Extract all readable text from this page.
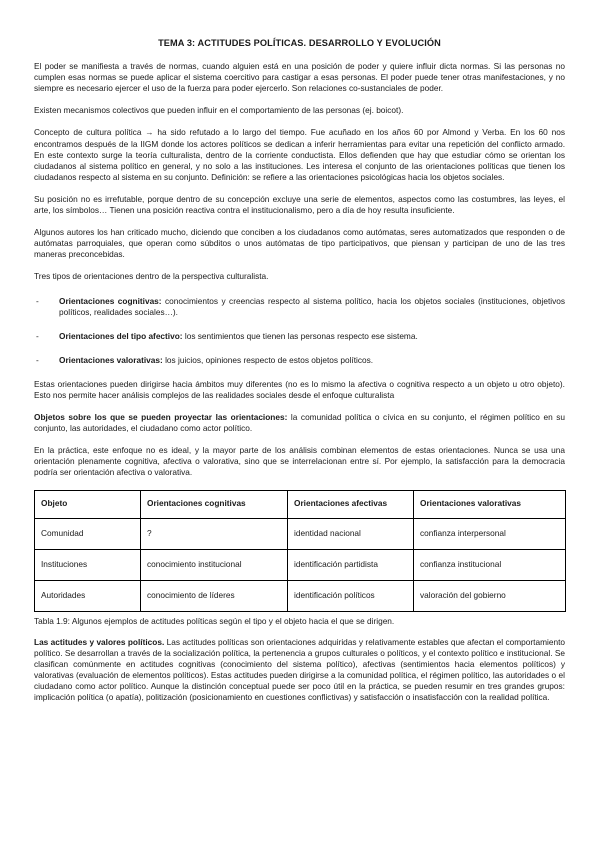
TEMA 3: ACTITUDES POLÍTICAS. DESARROLLO Y EVOLUCIÓN

El poder se manifiesta a través de normas, cuando alguien está en una posición de poder y quiere influir dicta normas. Si las personas no cumplen esas normas se puede aplicar el sistema coercitivo para castigar a esas personas. El poder puede tener otras manifestaciones, y no siempre es necesario ejercer el uso de la fuerza para poder ejercerlo. Son relaciones co-sustanciales de poder.

Existen mecanismos colectivos que pueden influir en el comportamiento de las personas (ej. boicot).

Concepto de cultura política → ha sido refutado a lo largo del tiempo. Fue acuñado en los años 60 por Almond y Verba. En los 60 nos encontramos después de la IIGM donde los actores políticos se dedican a inferir herramientas para evitar una repetición del conflicto armado. En este contexto surge la teoría culturalista, dentro de la corriente conductista. Ellos defienden que hay que estudiar cómo se orientan los ciudadanos al sistema político en general, y no solo a las instituciones. Les interesa el conjunto de las orientaciones políticas que tienen los ciudadanos respecto al sistema en su conjunto. Definición: se refiere a las orientaciones psicológicas hacia los objetos sociales.

Su posición no es irrefutable, porque dentro de su concepción excluye una serie de elementos, aspectos como las costumbres, las leyes, el arte, los símbolos… Tienen una posición reactiva contra el institucionalismo, pero a día de hoy resulta insuficiente.

Algunos autores los han criticado mucho, diciendo que conciben a los ciudadanos como autómatas, seres automatizados que responden o de autómatas parroquiales, que operan como súbditos o unos autómatas de tipo participativos, que piensan y participan de uno de las tres maneras preconcebidas.

Tres tipos de orientaciones dentro de la perspectiva culturalista.

- Orientaciones cognitivas: conocimientos y creencias respecto al sistema político, hacia los objetos sociales (instituciones, objetivos políticos, realidades sociales…).
- Orientaciones del tipo afectivo: los sentimientos que tienen las personas respecto ese sistema.
- Orientaciones valorativas: los juicios, opiniones respecto de estos objetos políticos.

Estas orientaciones pueden dirigirse hacia ámbitos muy diferentes (no es lo mismo la afectiva o cognitiva respecto a un objeto u otro objeto). Esto nos permite hacer análisis complejos de las realidades sociales desde el enfoque culturalista

Objetos sobre los que se pueden proyectar las orientaciones: la comunidad política o cívica en su conjunto, el régimen político en su conjunto, las autoridades, el ciudadano como actor político.

En la práctica, este enfoque no es ideal, y la mayor parte de los análisis combinan elementos de estas orientaciones. Nunca se usa una orientación plenamente cognitiva, afectiva o valorativa, sino que se interrelacionan entre sí. Por ejemplo, la satisfacción para la democracia podría ser orientación afectiva o valorativa.

Objeto	Orientaciones cognitivas	Orientaciones afectivas	Orientaciones valorativas
Comunidad	?	identidad nacional	confianza interpersonal
Instituciones	conocimiento institucional	identificación partidista	confianza institucional
Autoridades	conocimiento de líderes	identificación políticos	valoración del gobierno

Tabla 1.9: Algunos ejemplos de actitudes políticas según el tipo y el objeto hacia el que se dirigen.

Las actitudes y valores políticos. Las actitudes políticas son orientaciones adquiridas y relativamente estables que afectan el comportamiento político. Se desarrollan a través de la socialización política, la pertenencia a grupos culturales o políticos, y el contexto político e institucional. Se clasifican comúnmente en actitudes cognitivas (conocimiento del sistema político), afectivas (sentimientos hacia elementos políticos) y valorativas (evaluación de elementos políticos). Estas actitudes pueden dirigirse a la comunidad política, el régimen político, las autoridades o el ciudadano como actor político. Aunque la distinción conceptual puede ser poco útil en la práctica, se pueden resumir en tres grandes grupos: implicación política (o apatía), politización (posicionamiento en cuestiones conflictivas) y satisfacción o insatisfacción con la realidad política.
